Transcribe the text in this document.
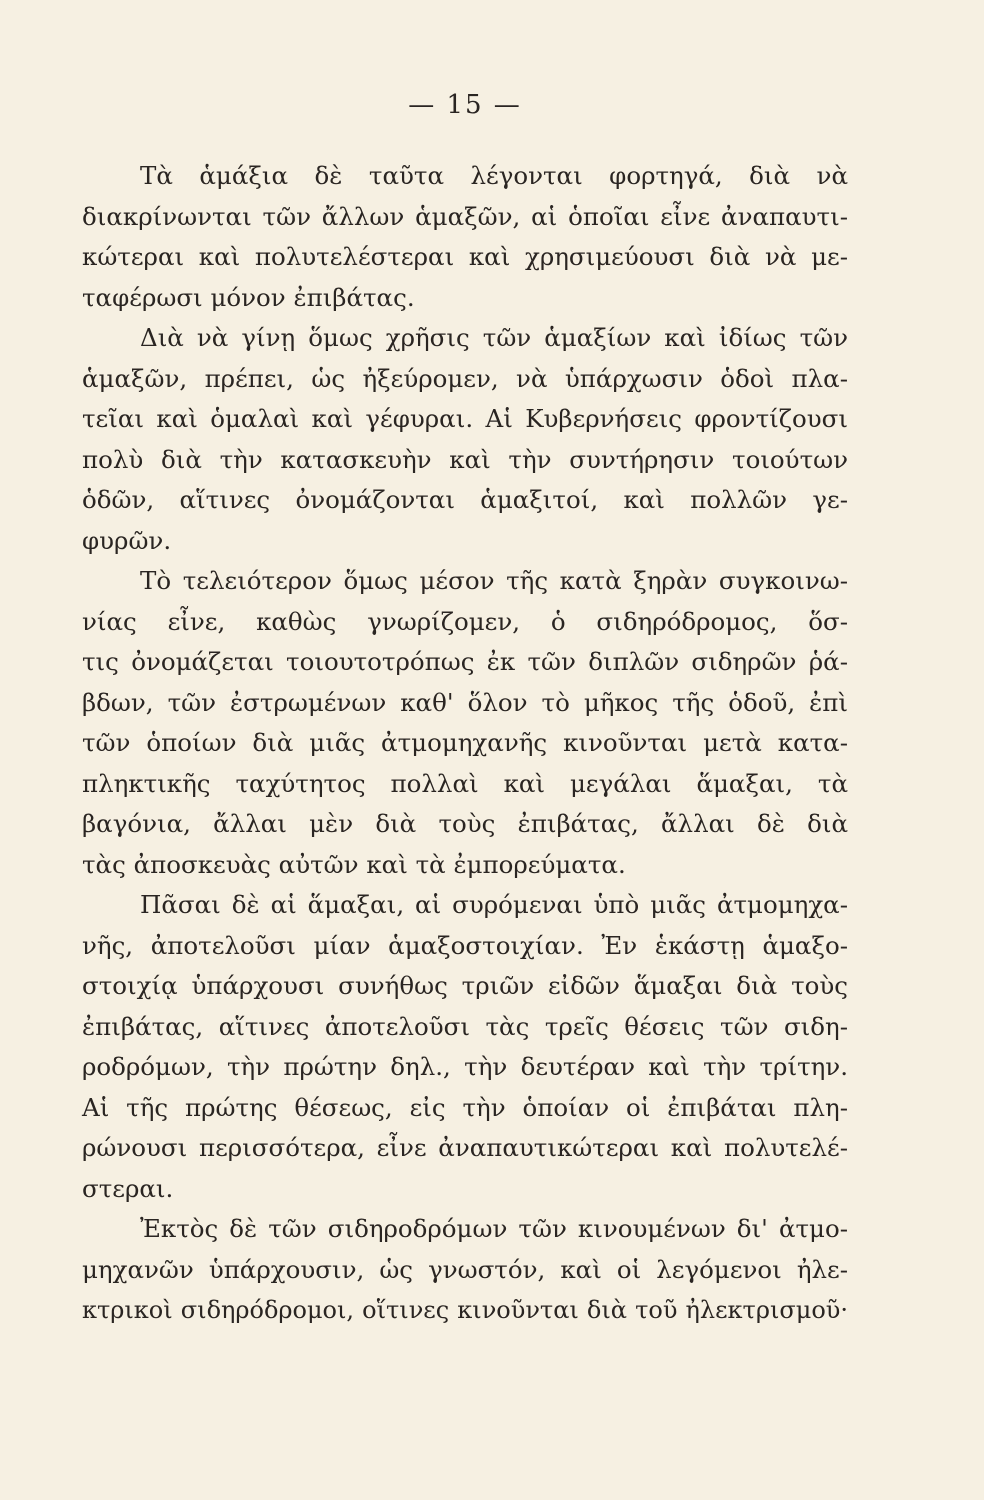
— 15 —

Τὰ ἁμάξια δὲ ταῦτα λέγονται φορτηγά, διὰ νὰ
διακρίνωνται τῶν ἄλλων ἁμαξῶν, αἱ ὁποῖαι εἶνε ἀναπαυτι-
κώτεραι καὶ πολυτελέστεραι καὶ χρησιμεύουσι διὰ νὰ με-
ταφέρωσι μόνον ἐπιβάτας.

Διὰ νὰ γίνῃ ὅμως χρῆσις τῶν ἁμαξίων καὶ ἰδίως τῶν
ἁμαξῶν, πρέπει, ὡς ἠξεύρομεν, νὰ ὑπάρχωσιν ὁδοὶ πλα-
τεῖαι καὶ ὁμαλαὶ καὶ γέφυραι. Αἱ Κυβερνήσεις φροντίζουσι
πολὺ διὰ τὴν κατασκευὴν καὶ τὴν συντήρησιν τοιούτων
ὁδῶν, αἵτινες ὀνομάζονται ἁμαξιτοί, καὶ πολλῶν γε-
φυρῶν.

Τὸ τελειότερον ὅμως μέσον τῆς κατὰ ξηρὰν συγκοινω-
νίας εἶνε, καθὼς γνωρίζομεν, ὁ σιδηρόδρομος, ὅσ-
τις ὀνομάζεται τοιουτοτρόπως ἐκ τῶν διπλῶν σιδηρῶν ῥά-
βδων, τῶν ἐστρωμένων καθ' ὅλον τὸ μῆκος τῆς ὁδοῦ, ἐπὶ
τῶν ὁποίων διὰ μιᾶς ἀτμομηχανῆς κινοῦνται μετὰ κατα-
πληκτικῆς ταχύτητος πολλαὶ καὶ μεγάλαι ἅμαξαι, τὰ
βαγόνια, ἄλλαι μὲν διὰ τοὺς ἐπιβάτας, ἄλλαι δὲ διὰ
τὰς ἀποσκευὰς αὐτῶν καὶ τὰ ἐμπορεύματα.

Πᾶσαι δὲ αἱ ἅμαξαι, αἱ συρόμεναι ὑπὸ μιᾶς ἀτμομηχα-
νῆς, ἀποτελοῦσι μίαν ἁμαξοστοιχίαν. Ἐν ἑκάστῃ ἁμαξο-
στοιχίᾳ ὑπάρχουσι συνήθως τριῶν εἰδῶν ἅμαξαι διὰ τοὺς
ἐπιβάτας, αἵτινες ἀποτελοῦσι τὰς τρεῖς θέσεις τῶν σιδη-
ροδρόμων, τὴν πρώτην δηλ., τὴν δευτέραν καὶ τὴν τρίτην.
Αἱ τῆς πρώτης θέσεως, εἰς τὴν ὁποίαν οἱ ἐπιβάται πλη-
ρώνουσι περισσότερα, εἶνε ἀναπαυτικώτεραι καὶ πολυτελέ-
στεραι.

Ἐκτὸς δὲ τῶν σιδηροδρόμων τῶν κινουμένων δι' ἀτμο-
μηχανῶν ὑπάρχουσιν, ὡς γνωστόν, καὶ οἱ λεγόμενοι ἠλε-
κτρικοὶ σιδηρόδρομοι, οἵτινες κινοῦνται διὰ τοῦ ἠλεκτρισμοῦ·
